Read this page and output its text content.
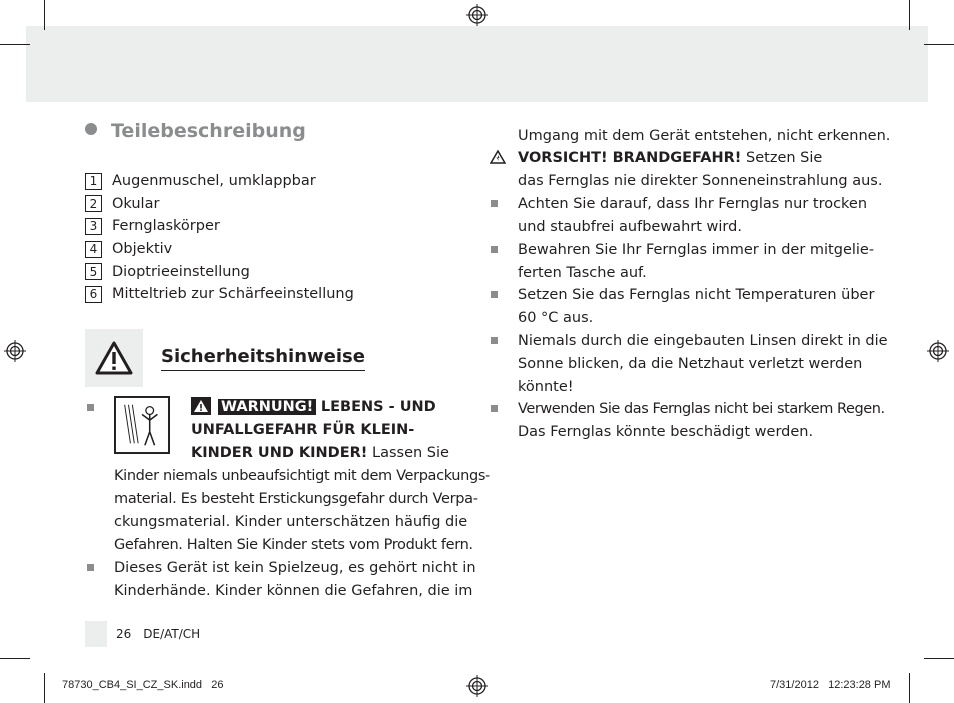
Teilebeschreibung
1	Augenmuschel, umklappbar
2	Okular
3	Fernglaskörper
4	Objektiv
5	Dioptrieeinstellung
6	Mitteltrieb zur Schärfeeinstellung
Sicherheitshinweise
WARNUNG! LEBENS - UND
UNFALLGEFAHR FÜR KLEIN-
KINDER UND KINDER! Lassen Sie
Kinder niemals unbeaufsichtigt mit dem Verpackungs-
material. Es besteht Erstickungsgefahr durch Verpa-
ckungsmaterial. Kinder unterschätzen häufig die
Gefahren. Halten Sie Kinder stets vom Produkt fern.
Dieses Gerät ist kein Spielzeug, es gehört nicht in
Kinderhände. Kinder können die Gefahren, die im
Umgang mit dem Gerät entstehen, nicht erkennen.
VORSICHT! BRANDGEFAHR! Setzen Sie
das Fernglas nie direkter Sonneneinstrahlung aus.
Achten Sie darauf, dass Ihr Fernglas nur trocken
und staubfrei aufbewahrt wird.
Bewahren Sie Ihr Fernglas immer in der mitgelie-
ferten Tasche auf.
Setzen Sie das Fernglas nicht Temperaturen über
60 °C aus.
Niemals durch die eingebauten Linsen direkt in die
Sonne blicken, da die Netzhaut verletzt werden
könnte!
Verwenden Sie das Fernglas nicht bei starkem Regen.
Das Fernglas könnte beschädigt werden.
26 DE/AT/CH
78730_CB4_SI_CZ_SK.indd   26	7/31/2012   12:23:28 PM
